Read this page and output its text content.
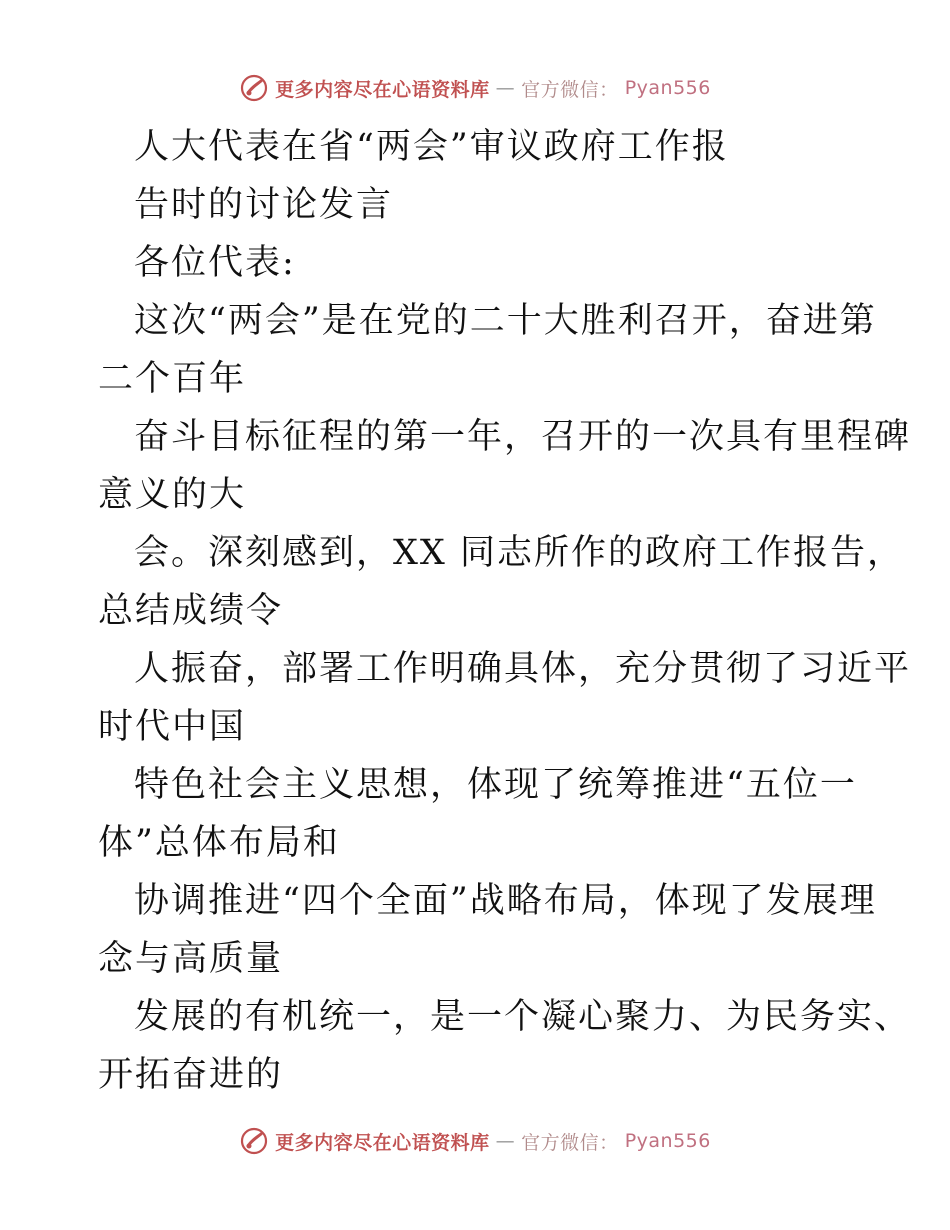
更多内容尽在心语资料库 — 官方微信： Pyan556
人大代表在省“两会”审议政府工作报
告时的讨论发言
各位代表:
这次“两会”是在党的二十大胜利召开，奋进第
二个百年
奋斗目标征程的第一年，召开的一次具有里程碑
意义的大
会。深刻感到，XX 同志所作的政府工作报告，
总结成绩令
人振奋，部署工作明确具体，充分贯彻了习近平
时代中国
特色社会主义思想，体现了统筹推进“五位一
体”总体布局和
协调推进“四个全面”战略布局，体现了发展理
念与高质量
发展的有机统一，是一个凝心聚力、为民务实、
开拓奋进的
更多内容尽在心语资料库 — 官方微信： Pyan556
